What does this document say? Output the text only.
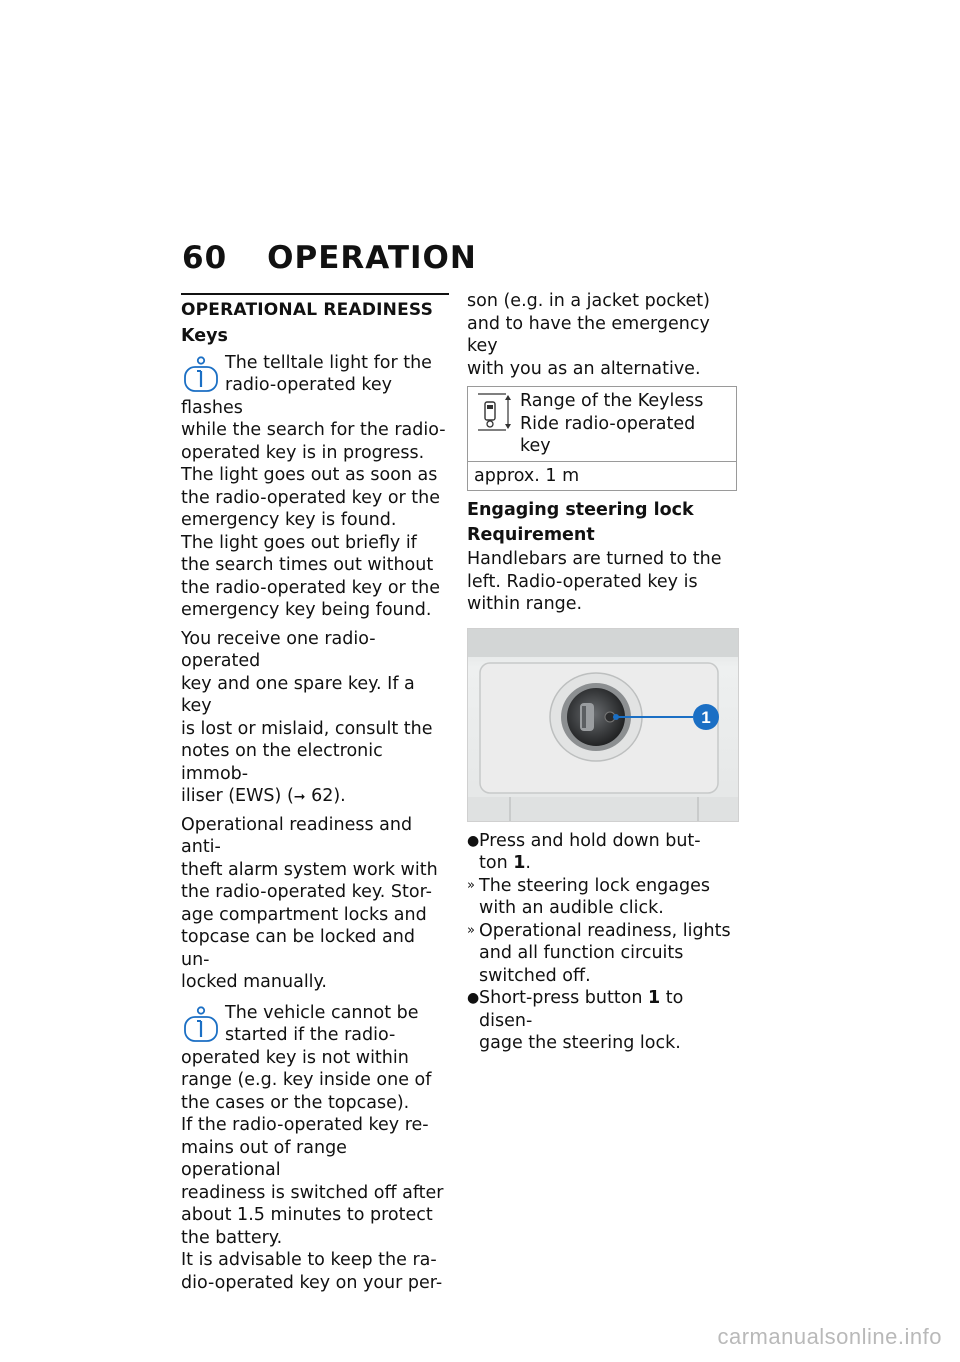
60 OPERATION
OPERATIONAL READINESS
Keys
The telltale light for the
radio-operated key flashes
while the search for the radio-
operated key is in progress.
The light goes out as soon as
the radio-operated key or the
emergency key is found.
The light goes out briefly if
the search times out without
the radio-operated key or the
emergency key being found.
You receive one radio-operated
key and one spare key. If a key
is lost or mislaid, consult the
notes on the electronic immob-
iliser (EWS) (➞ 62).
Operational readiness and anti-
theft alarm system work with
the radio-operated key. Stor-
age compartment locks and
topcase can be locked and un-
locked manually.
The vehicle cannot be
started if the radio-
operated key is not within
range (e.g. key inside one of
the cases or the topcase).
If the radio-operated key re-
mains out of range operational
readiness is switched off after
about 1.5 minutes to protect
the battery.
It is advisable to keep the ra-
dio-operated key on your per-
son (e.g. in a jacket pocket)
and to have the emergency key
with you as an alternative.
Range of the Keyless
Ride radio-operated key

approx. 1 m
Engaging steering lock
Requirement
Handlebars are turned to the
left. Radio-operated key is
within range.
1
● Press and hold down but-
ton 1.
» The steering lock engages
with an audible click.
» Operational readiness, lights
and all function circuits
switched off.
● Short-press button 1 to disen-
gage the steering lock.
carmanualsonline.info
